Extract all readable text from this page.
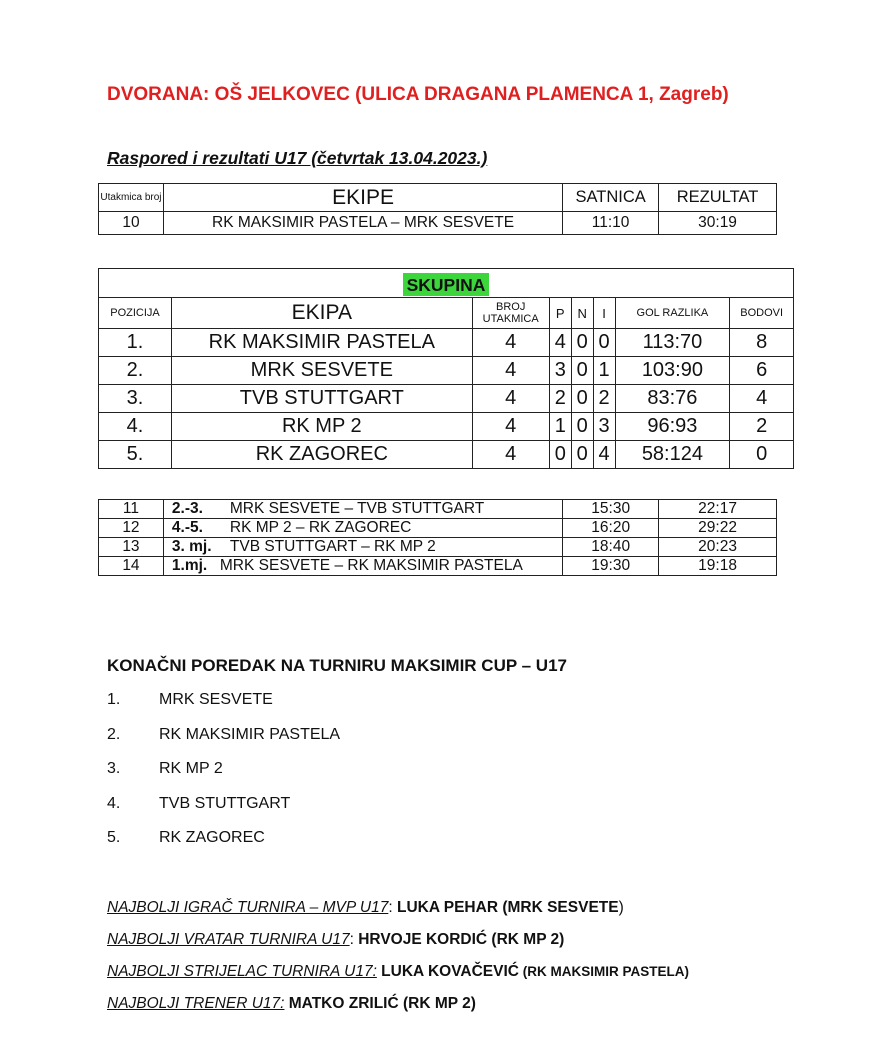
DVORANA: OŠ JELKOVEC (ULICA DRAGANA PLAMENCA 1, Zagreb)
Raspored i rezultati U17 (četvrtak 13.04.2023.)
Utakmica broj	EKIPE	SATNICA	REZULTAT
10	RK MAKSIMIR PASTELA – MRK SESVETE	11:10	30:19
SKUPINA							
POZICIJA	EKIPA	BROJ UTAKMICA	P	N	I	GOL RAZLIKA	BODOVI
1.	RK MAKSIMIR PASTELA	4	4	0	0	113:70	8
2.	MRK SESVETE	4	3	0	1	103:90	6
3.	TVB STUTTGART	4	2	0	2	83:76	4
4.	RK MP 2	4	1	0	3	96:93	2
5.	RK ZAGOREC	4	0	0	4	58:124	0
11	2.-3. MRK SESVETE – TVB STUTTGART	15:30	22:17
12	4.-5. RK MP 2 – RK ZAGOREC	16:20	29:22
13	3. mj. TVB STUTTGART – RK MP 2	18:40	20:23
14	1.mj. MRK SESVETE – RK MAKSIMIR PASTELA	19:30	19:18
KONAČNI POREDAK NA TURNIRU MAKSIMIR CUP – U17
1.	MRK SESVETE
2.	RK MAKSIMIR PASTELA
3.	RK MP 2
4.	TVB STUTTGART
5.	RK ZAGOREC
NAJBOLJI IGRAČ TURNIRA – MVP U17: LUKA PEHAR (MRK SESVETE)
NAJBOLJI VRATAR TURNIRA U17: HRVOJE KORDIĆ (RK MP 2)
NAJBOLJI STRIJELAC TURNIRA U17: LUKA KOVAČEVIĆ (RK MAKSIMIR PASTELA)
NAJBOLJI TRENER U17: MATKO ZRILIĆ (RK MP 2)
